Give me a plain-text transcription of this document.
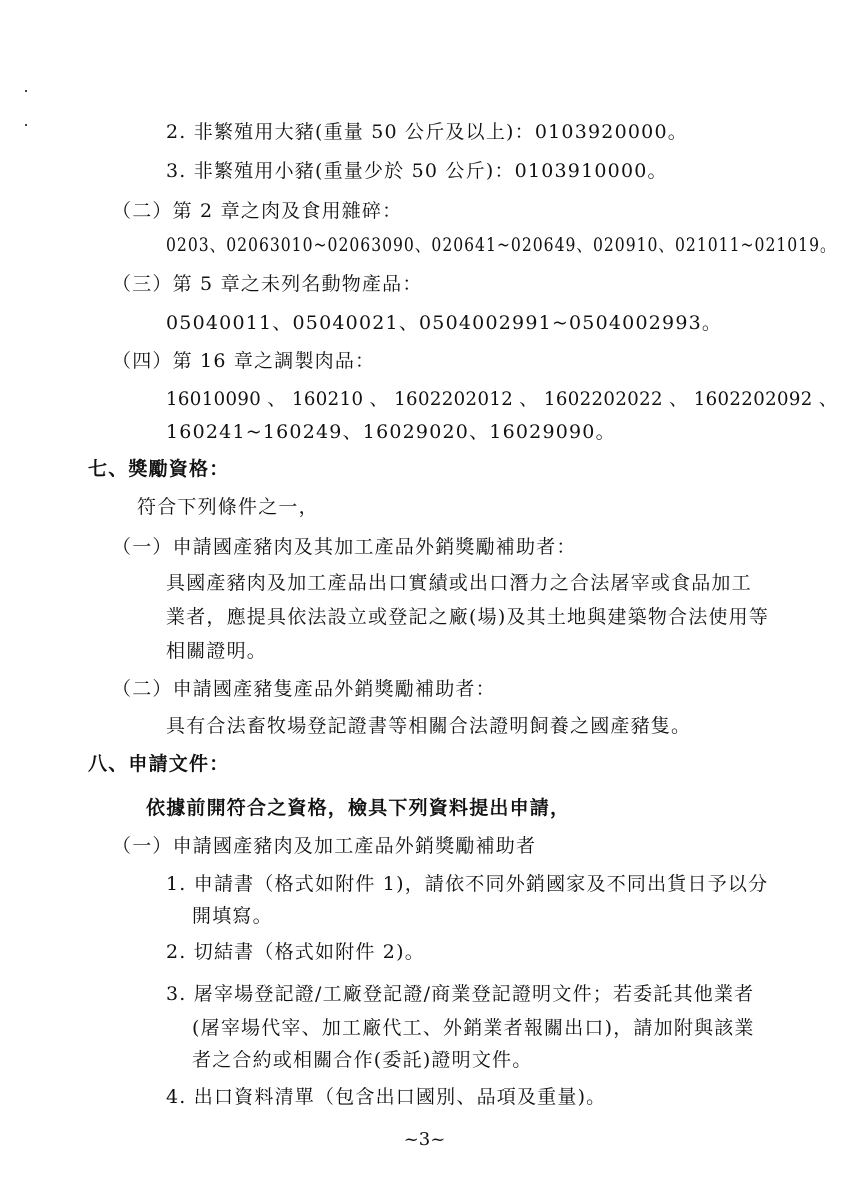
2. 非繁殖用大豬(重量 50 公斤及以上)：0103920000。
3. 非繁殖用小豬(重量少於 50 公斤)：0103910000。
（二）第 2 章之肉及食用雜碎：
0203、02063010~02063090、020641~020649、020910、021011~021019。
（三）第 5 章之未列名動物產品：
05040011、05040021、0504002991~0504002993。
（四）第 16 章之調製肉品：
16010090 、 160210 、 1602202012 、 1602202022 、 1602202092 、
160241~160249、16029020、16029090。
七、獎勵資格：
符合下列條件之一，
（一）申請國產豬肉及其加工產品外銷獎勵補助者：
具國產豬肉及加工產品出口實績或出口潛力之合法屠宰或食品加工
業者，應提具依法設立或登記之廠(場)及其土地與建築物合法使用等
相關證明。
（二）申請國產豬隻產品外銷獎勵補助者：
具有合法畜牧場登記證書等相關合法證明飼養之國產豬隻。
八、申請文件：
依據前開符合之資格，檢具下列資料提出申請，
（一）申請國產豬肉及加工產品外銷獎勵補助者
1. 申請書（格式如附件 1)，請依不同外銷國家及不同出貨日予以分
開填寫。
2. 切結書（格式如附件 2)。
3. 屠宰場登記證/工廠登記證/商業登記證明文件；若委託其他業者
(屠宰場代宰、加工廠代工、外銷業者報關出口)，請加附與該業
者之合約或相關合作(委託)證明文件。
4. 出口資料清單（包含出口國別、品項及重量)。
~3~
